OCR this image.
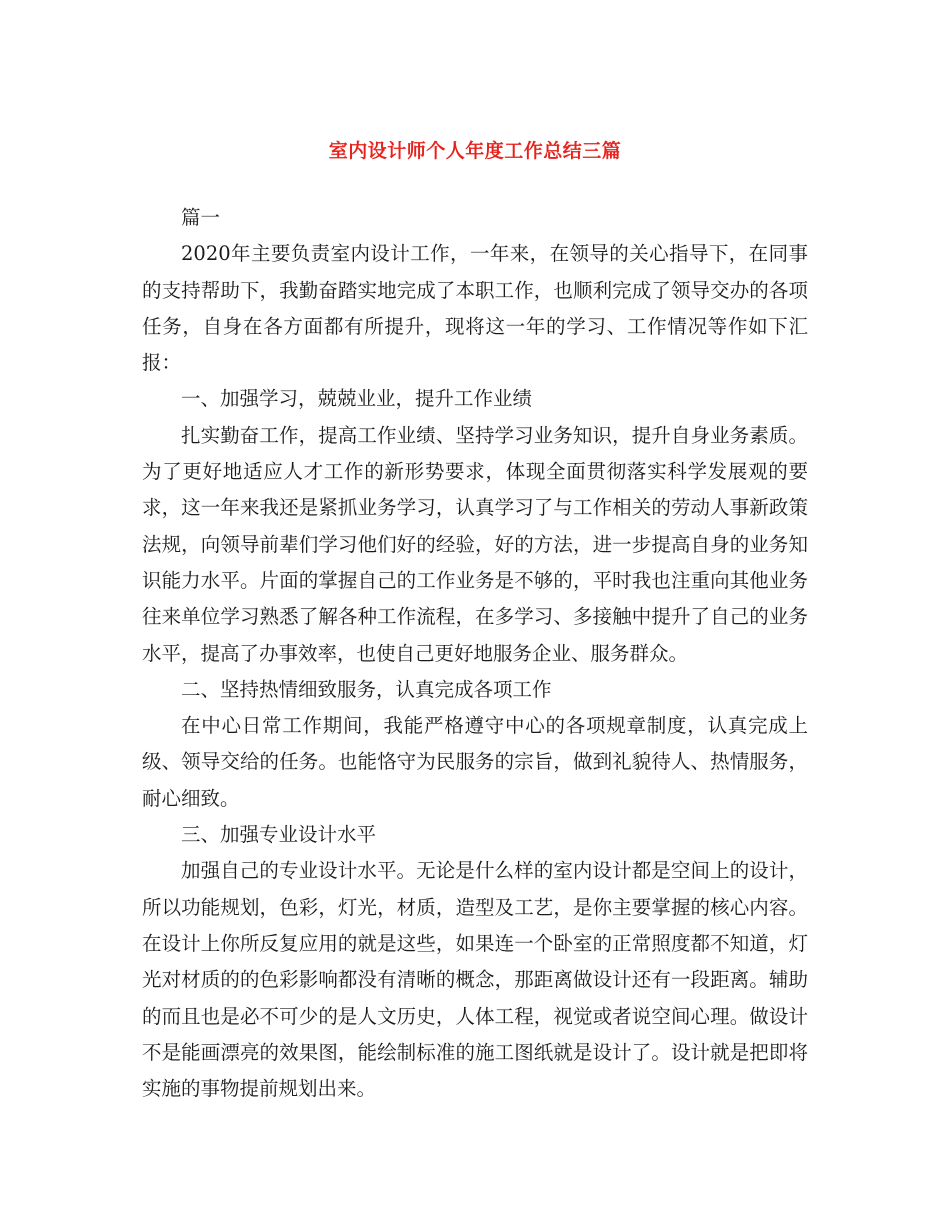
室内设计师个人年度工作总结三篇

篇一

2020年主要负责室内设计工作，一年来，在领导的关心指导下，在同事的支持帮助下，我勤奋踏实地完成了本职工作，也顺利完成了领导交办的各项任务，自身在各方面都有所提升，现将这一年的学习、工作情况等作如下汇报：

一、加强学习，兢兢业业，提升工作业绩

扎实勤奋工作，提高工作业绩、坚持学习业务知识，提升自身业务素质。为了更好地适应人才工作的新形势要求，体现全面贯彻落实科学发展观的要求，这一年来我还是紧抓业务学习，认真学习了与工作相关的劳动人事新政策法规，向领导前辈们学习他们好的经验，好的方法，进一步提高自身的业务知识能力水平。片面的掌握自己的工作业务是不够的，平时我也注重向其他业务往来单位学习熟悉了解各种工作流程，在多学习、多接触中提升了自己的业务水平，提高了办事效率，也使自己更好地服务企业、服务群众。

二、坚持热情细致服务，认真完成各项工作

在中心日常工作期间，我能严格遵守中心的各项规章制度，认真完成上级、领导交给的任务。也能恪守为民服务的宗旨，做到礼貌待人、热情服务，耐心细致。

三、加强专业设计水平

加强自己的专业设计水平。无论是什么样的室内设计都是空间上的设计，所以功能规划，色彩，灯光，材质，造型及工艺，是你主要掌握的核心内容。在设计上你所反复应用的就是这些，如果连一个卧室的正常照度都不知道，灯光对材质的的色彩影响都没有清晰的概念，那距离做设计还有一段距离。辅助的而且也是必不可少的是人文历史，人体工程，视觉或者说空间心理。做设计不是能画漂亮的效果图，能绘制标准的施工图纸就是设计了。设计就是把即将实施的事物提前规划出来。
